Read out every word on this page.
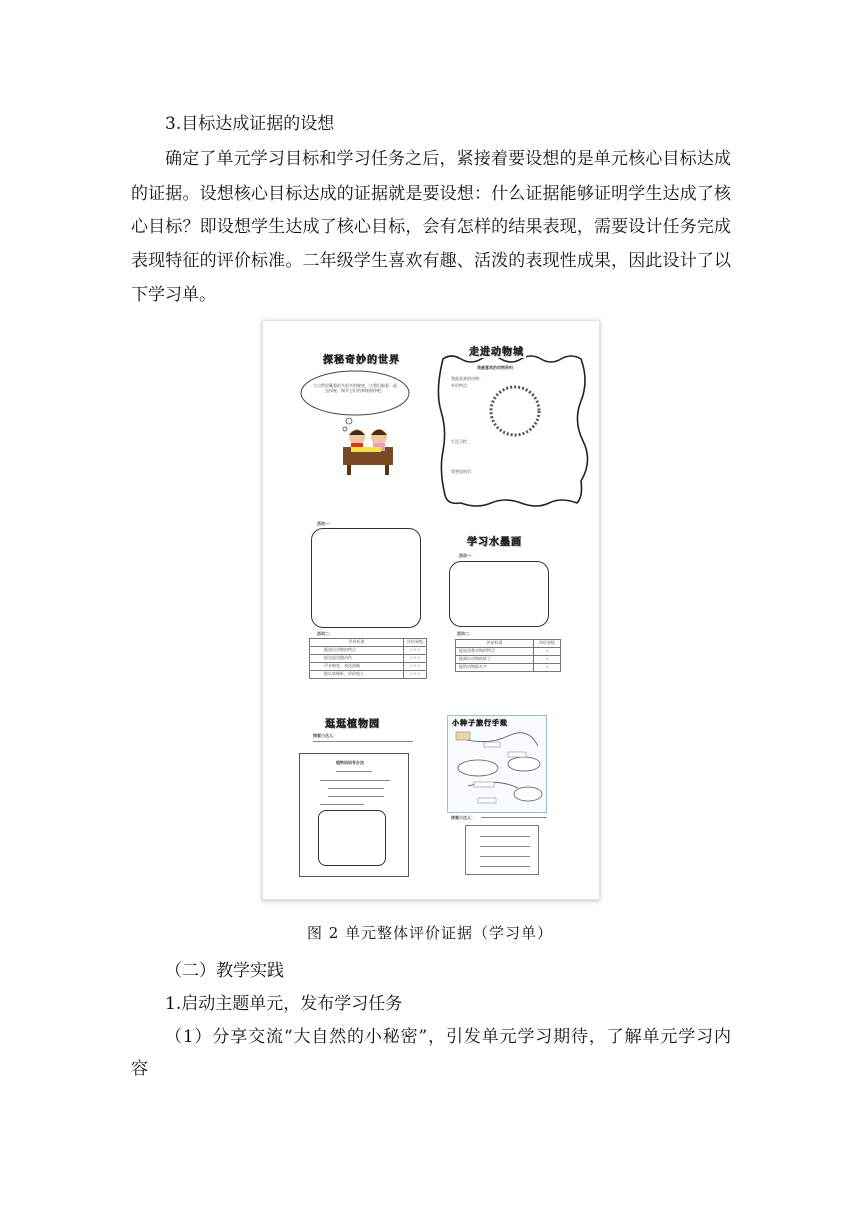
3.目标达成证据的设想
确定了单元学习目标和学习任务之后，紧接着要设想的是单元核心目标达成
的证据。设想核心目标达成的证据就是要设想：什么证据能够证明学生达成了核
心目标？即设想学生达成了核心目标，会有怎样的结果表现，需要设计任务完成
表现特征的评价标准。二年级学生喜欢有趣、活泼的表现性成果，因此设计了以
下学习单。
探秘奇妙的世界
大自然里藏着很多很多的秘密，让我们跟着一起去探秘，揭开它们的神秘面纱吧。
走进动物城
我最喜欢的动物资料
我最喜欢的动物：
外形特点：
生活习性：
我想说的话：
活动一：
活动二：
评价标准	评价星级
能说出动物的特点	☆☆☆
能边说边做动作	☆☆☆
声音响亮，表达流畅	☆☆☆
能认真倾听，评价他人	☆☆☆
学习水墨画
活动一：
活动二：
评价标准	评价星级
能说清楚动物的特点	☆
能画出动物的样子	☆
能给动物取名字	☆
逛逛植物园
探索小达人：
植物妈妈有办法
小种子旅行手账
探索小达人：
图 2 单元整体评价证据（学习单）
（二）教学实践
1.启动主题单元，发布学习任务
（1）分享交流“大自然的小秘密”，引发单元学习期待，了解单元学习内
容
